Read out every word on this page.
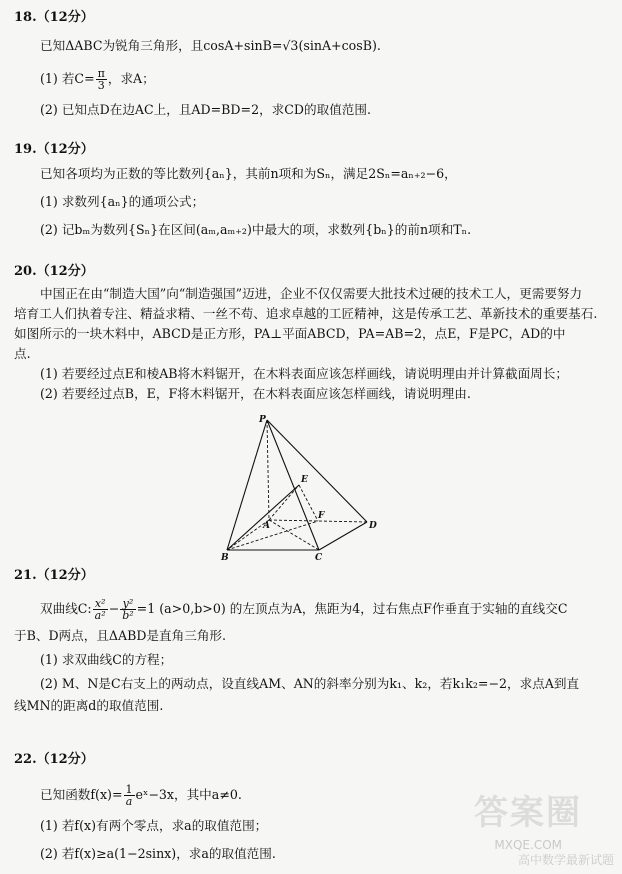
18.（12分）
已知ΔABC为锐角三角形，且cosA+sinB=√3(sinA+cosB).
(1) 若$C= \frac{\pi}{3}$ ，求A；
(2) 已知点D在边AC上，且AD=BD=2，求CD的取值范围.
19.（12分）
已知各项均为正数的等比数列{aₙ}，其前n项和为Sₙ，满足2Sₙ=aₙ₊₂−6，
(1) 求数列{aₙ}的通项公式；
(2) 记bₘ为数列{Sₙ}在区间(aₘ,aₘ₊₂)中最大的项，求数列{bₙ}的前n项和Tₙ.
20.（12分）
中国正在由“制造大国”向“制造强国”迈进，企业不仅仅需要大批技术过硬的技术工人，更需要努力
培育工人们执着专注、精益求精、一丝不苟、追求卓越的工匠精神，这是传承工艺、革新技术的重要基石.
如图所示的一块木料中，ABCD是正方形，PA⊥平面ABCD，PA=AB=2，点E，F是PC，AD的中
点.
(1) 若要经过点E和棱AB将木料锯开，在木料表面应该怎样画线，请说明理由并计算截面周长；
(2) 若要经过点B，E，F将木料锯开，在木料表面应该怎样画线，请说明理由.
P
E
A
F
D
B	C
21.（12分）
双曲线C: $\frac{\text{x²}}{\text{a²}} - \frac{\text{y²}}{\text{b²}} =1$ (a>0,b>0) 的左顶点为A，焦距为4，过右焦点F作垂直于实轴的直线交C
于B、D两点，且ΔABD是直角三角形.
(1) 求双曲线C的方程；
(2) M、N是C右支上的两动点，设直线AM、AN的斜率分别为k₁、k₂，若k₁k₂=−2，求点A到直
线MN的距离d的取值范围.
22.（12分）
已知函数$f(x)= \frac{1}{a}$ eˣ−3x，其中a≠0.
(1) 若f(x)有两个零点，求a的取值范围；
(2) 若f(x)≥a(1−2sinx)，求a的取值范围.
答案圈
MXQE.COM
高中数学最新试题
